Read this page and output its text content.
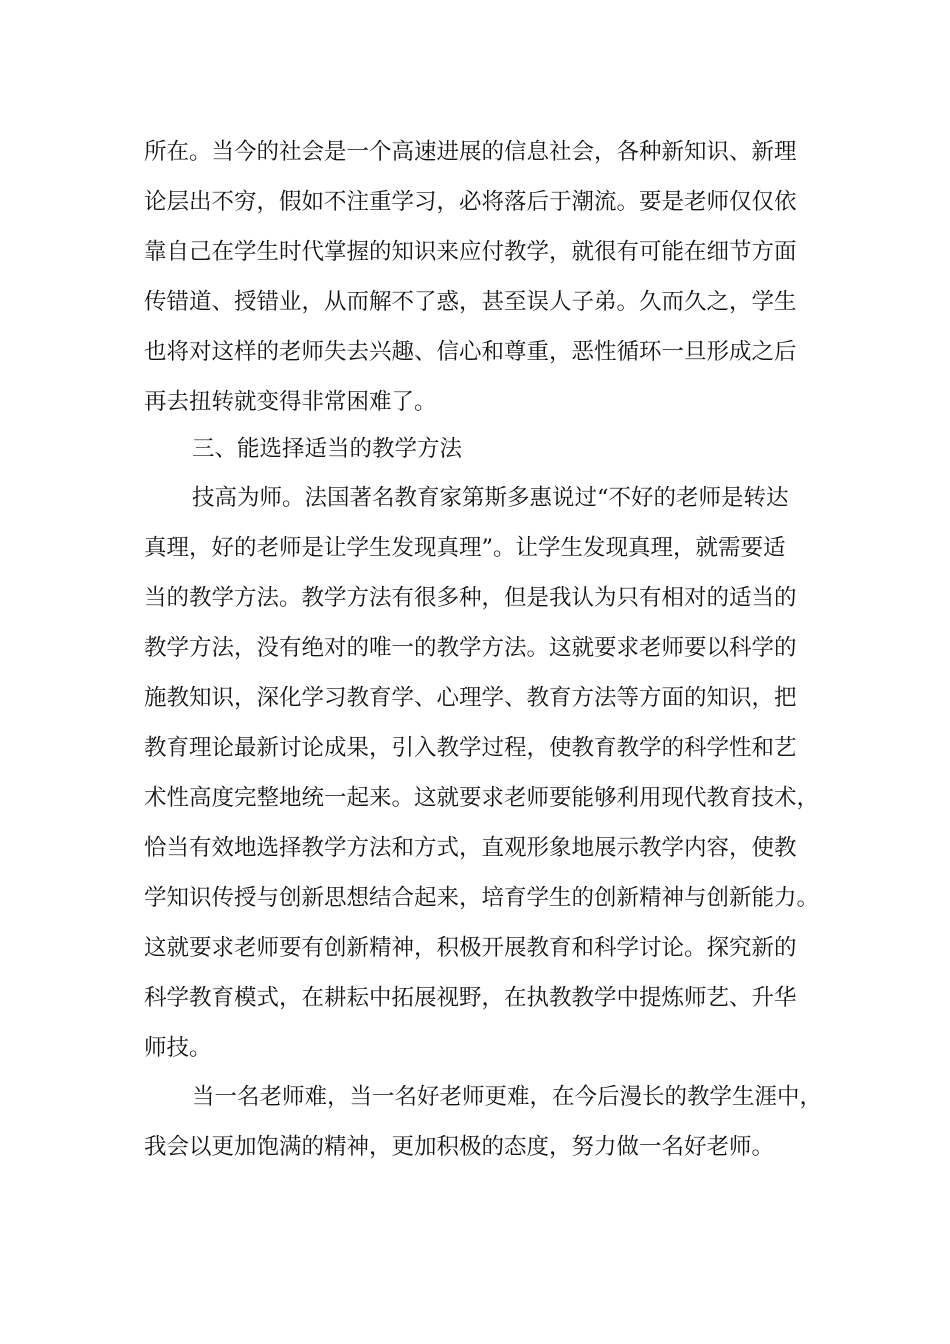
所在。当今的社会是一个高速进展的信息社会，各种新知识、新理
论层出不穷，假如不注重学习，必将落后于潮流。要是老师仅仅依
靠自己在学生时代掌握的知识来应付教学，就很有可能在细节方面
传错道、授错业，从而解不了惑，甚至误人子弟。久而久之，学生
也将对这样的老师失去兴趣、信心和尊重，恶性循环一旦形成之后
再去扭转就变得非常困难了。
三、能选择适当的教学方法
技高为师。法国著名教育家第斯多惠说过“不好的老师是转达
真理，好的老师是让学生发现真理”。让学生发现真理，就需要适
当的教学方法。教学方法有很多种，但是我认为只有相对的适当的
教学方法，没有绝对的唯一的教学方法。这就要求老师要以科学的
施教知识，深化学习教育学、心理学、教育方法等方面的知识，把
教育理论最新讨论成果，引入教学过程，使教育教学的科学性和艺
术性高度完整地统一起来。这就要求老师要能够利用现代教育技术，
恰当有效地选择教学方法和方式，直观形象地展示教学内容，使教
学知识传授与创新思想结合起来，培育学生的创新精神与创新能力。
这就要求老师要有创新精神，积极开展教育和科学讨论。探究新的
科学教育模式，在耕耘中拓展视野，在执教教学中提炼师艺、升华
师技。
当一名老师难，当一名好老师更难，在今后漫长的教学生涯中，
我会以更加饱满的精神，更加积极的态度，努力做一名好老师。
